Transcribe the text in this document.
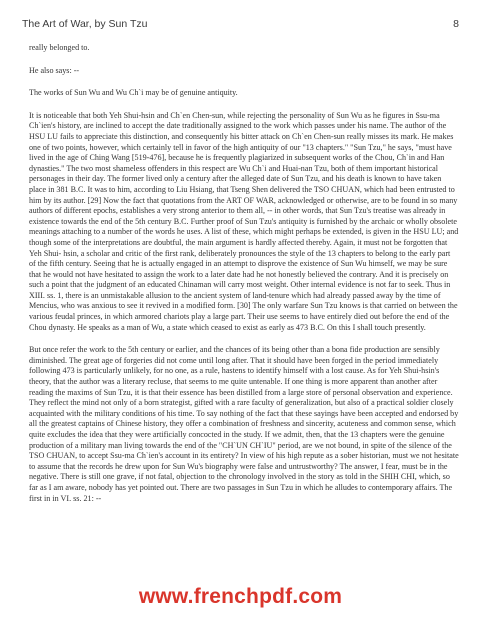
The Art of War, by Sun Tzu	8

really belonged to.

He also says: --

The works of Sun Wu and Wu Ch`i may be of genuine antiquity.

It is noticeable that both Yeh Shui-hsin and Ch`en Chen-sun, while rejecting the personality of Sun Wu as he figures in Ssu-ma Ch`ien's history, are inclined to accept the date traditionally assigned to the work which passes under his name. The author of the HSU LU fails to appreciate this distinction, and consequently his bitter attack on Ch`en Chen-sun really misses its mark. He makes one of two points, however, which certainly tell in favor of the high antiquity of our "13 chapters." "Sun Tzu," he says, "must have lived in the age of Ching Wang [519-476], because he is frequently plagiarized in subsequent works of the Chou, Ch`in and Han dynasties." The two most shameless offenders in this respect are Wu Ch`i and Huai-nan Tzu, both of them important historical personages in their day. The former lived only a century after the alleged date of Sun Tzu, and his death is known to have taken place in 381 B.C. It was to him, according to Liu Hsiang, that Tseng Shen delivered the TSO CHUAN, which had been entrusted to him by its author. [29] Now the fact that quotations from the ART OF WAR, acknowledged or otherwise, are to be found in so many authors of different epochs, establishes a very strong anterior to them all, -- in other words, that Sun Tzu's treatise was already in existence towards the end of the 5th century B.C. Further proof of Sun Tzu's antiquity is furnished by the archaic or wholly obsolete meanings attaching to a number of the words he uses. A list of these, which might perhaps be extended, is given in the HSU LU; and though some of the interpretations are doubtful, the main argument is hardly affected thereby. Again, it must not be forgotten that Yeh Shui- hsin, a scholar and critic of the first rank, deliberately pronounces the style of the 13 chapters to belong to the early part of the fifth century. Seeing that he is actually engaged in an attempt to disprove the existence of Sun Wu himself, we may be sure that he would not have hesitated to assign the work to a later date had he not honestly believed the contrary. And it is precisely on such a point that the judgment of an educated Chinaman will carry most weight. Other internal evidence is not far to seek. Thus in XIII. ss. 1, there is an unmistakable allusion to the ancient system of land-tenure which had already passed away by the time of Mencius, who was anxious to see it revived in a modified form. [30] The only warfare Sun Tzu knows is that carried on between the various feudal princes, in which armored chariots play a large part. Their use seems to have entirely died out before the end of the Chou dynasty. He speaks as a man of Wu, a state which ceased to exist as early as 473 B.C. On this I shall touch presently.

But once refer the work to the 5th century or earlier, and the chances of its being other than a bona fide production are sensibly diminished. The great age of forgeries did not come until long after. That it should have been forged in the period immediately following 473 is particularly unlikely, for no one, as a rule, hastens to identify himself with a lost cause. As for Yeh Shui-hsin's theory, that the author was a literary recluse, that seems to me quite untenable. If one thing is more apparent than another after reading the maxims of Sun Tzu, it is that their essence has been distilled from a large store of personal observation and experience. They reflect the mind not only of a born strategist, gifted with a rare faculty of generalization, but also of a practical soldier closely acquainted with the military conditions of his time. To say nothing of the fact that these sayings have been accepted and endorsed by all the greatest captains of Chinese history, they offer a combination of freshness and sincerity, acuteness and common sense, which quite excludes the idea that they were artificially concocted in the study. If we admit, then, that the 13 chapters were the genuine production of a military man living towards the end of the "CH`UN CH`IU" period, are we not bound, in spite of the silence of the TSO CHUAN, to accept Ssu-ma Ch`ien's account in its entirety? In view of his high repute as a sober historian, must we not hesitate to assume that the records he drew upon for Sun Wu's biography were false and untrustworthy? The answer, I fear, must be in the negative. There is still one grave, if not fatal, objection to the chronology involved in the story as told in the SHIH CHI, which, so far as I am aware, nobody has yet pointed out. There are two passages in Sun Tzu in which he alludes to contemporary affairs. The first in in VI. ss. 21: --

www.frenchpdf.com
